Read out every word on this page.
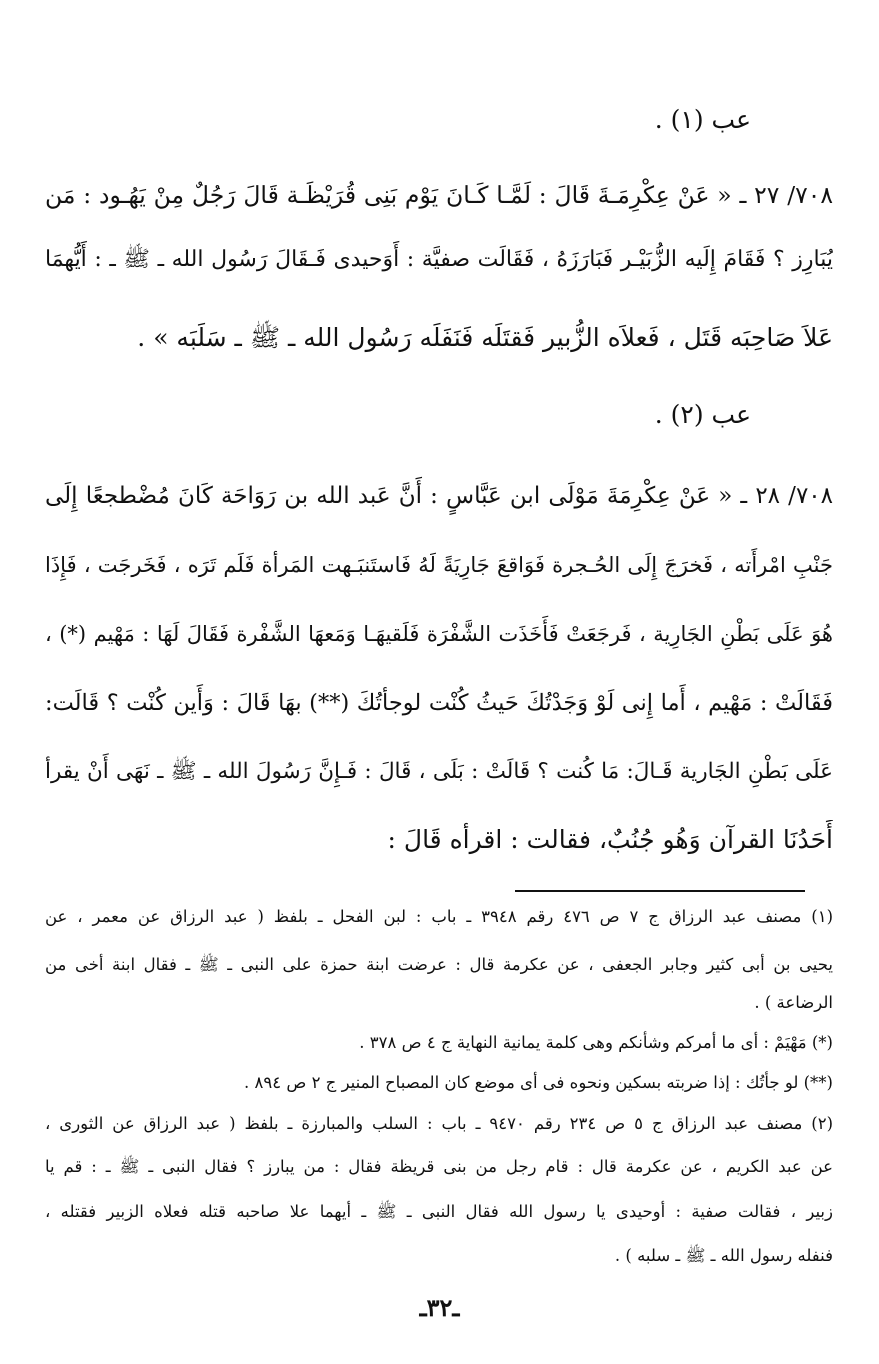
عب (١) .
٧٠٨/ ٢٧ ـ « عَنْ عِكْرِمَـةَ قَالَ : لَمَّـا كَـانَ يَوْم بَنِى قُرَيْظَـة قَالَ رَجُلٌ مِنْ يَهُـود : مَن
يُبَارِز ؟ فَقَامَ إِلَيه الزُّبَيْـر فَبَارَزَهُ ، فَقَالَت صفيَّة : أَوَحيدى فَـقَالَ رَسُول الله ـ ﷺ ـ : أَيُّهمَا
عَلاَ صَاحِبَه قَتَل ، فَعلاَه الزُّبير فَقتَلَه فَنَفَلَه رَسُول الله ـ ﷺ ـ سَلَبَه » .
عب (٢) .
٧٠٨/ ٢٨ ـ « عَنْ عِكْرِمَةَ مَوْلَى ابن عَبَّاسٍ : أَنَّ عَبد الله بن رَوَاحَة كَانَ مُضْطجعًا إِلَى
جَنْبِ امْرأَته ، فَخرَجَ إِلَى الحُـجرة فَوَاقعَ جَارِيَةً لَهُ فَاستَنبَـهت المَرأة فَلَم تَرَه ، فَخَرجَت ، فَإِذَا
هُوَ عَلَى بَطْنِ الجَارِية ، فَرجَعَتْ فَأَخَذَت الشَّفْرَة فَلَقيهَـا وَمَعهَا الشَّفْرة فَقَالَ لَهَا : مَهْيم (*) ،
فَقَالَتْ : مَهْيم ، أَما إِنى لَوْ وَجَدْتُكَ حَيثُ كُنْت لوجأتُكَ (**) بهَا قَالَ : وَأَين كُنْت ؟ قَالَت:
عَلَى بَطْنِ الجَارية قَـالَ: مَا كُنت ؟ قَالَتْ : بَلَى ، قَالَ : فَـإِنَّ رَسُولَ الله ـ ﷺ ـ نَهَى أَنْ يقرأ
أَحَدُنَا القرآن وَهُو جُنُبٌ، فقالت : اقرأه قَالَ :
(١) مصنف عبد الرزاق ج ٧ ص ٤٧٦ رقم ٣٩٤٨ ـ باب : لبن الفحل ـ بلفظ ( عبد الرزاق عن معمر ، عن
يحيى بن أبى كثير وجابر الجعفى ، عن عكرمة قال : عرضت ابنة حمزة على النبى ـ ﷺ ـ فقال ابنة أخى من
الرضاعة ) .
(*) مَهْيَمْ : أى ما أمركم وشأنكم وهى كلمة يمانية النهاية ج ٤ ص ٣٧٨ .
(**) لو جأتُك : إذا ضربته بسكين ونحوه فى أى موضع كان المصباح المنير ج ٢ ص ٨٩٤ .
(٢) مصنف عبد الرزاق ج ٥ ص ٢٣٤ رقم ٩٤٧٠ ـ باب : السلب والمبارزة ـ بلفظ ( عبد الرزاق عن الثورى ،
عن عبد الكريم ، عن عكرمة قال : قام رجل من بنى قريظة فقال : من يبارز ؟ فقال النبى ـ ﷺ ـ : قم يا
زبير ، فقالت صفية : أوحيدى يا رسول الله فقال النبى ـ ﷺ ـ أيهما علا صاحبه قتله فعلاه الزبير فقتله ،
فنفله رسول الله ـ ﷺ ـ سلبه ) .
ـ٣٢ـ
